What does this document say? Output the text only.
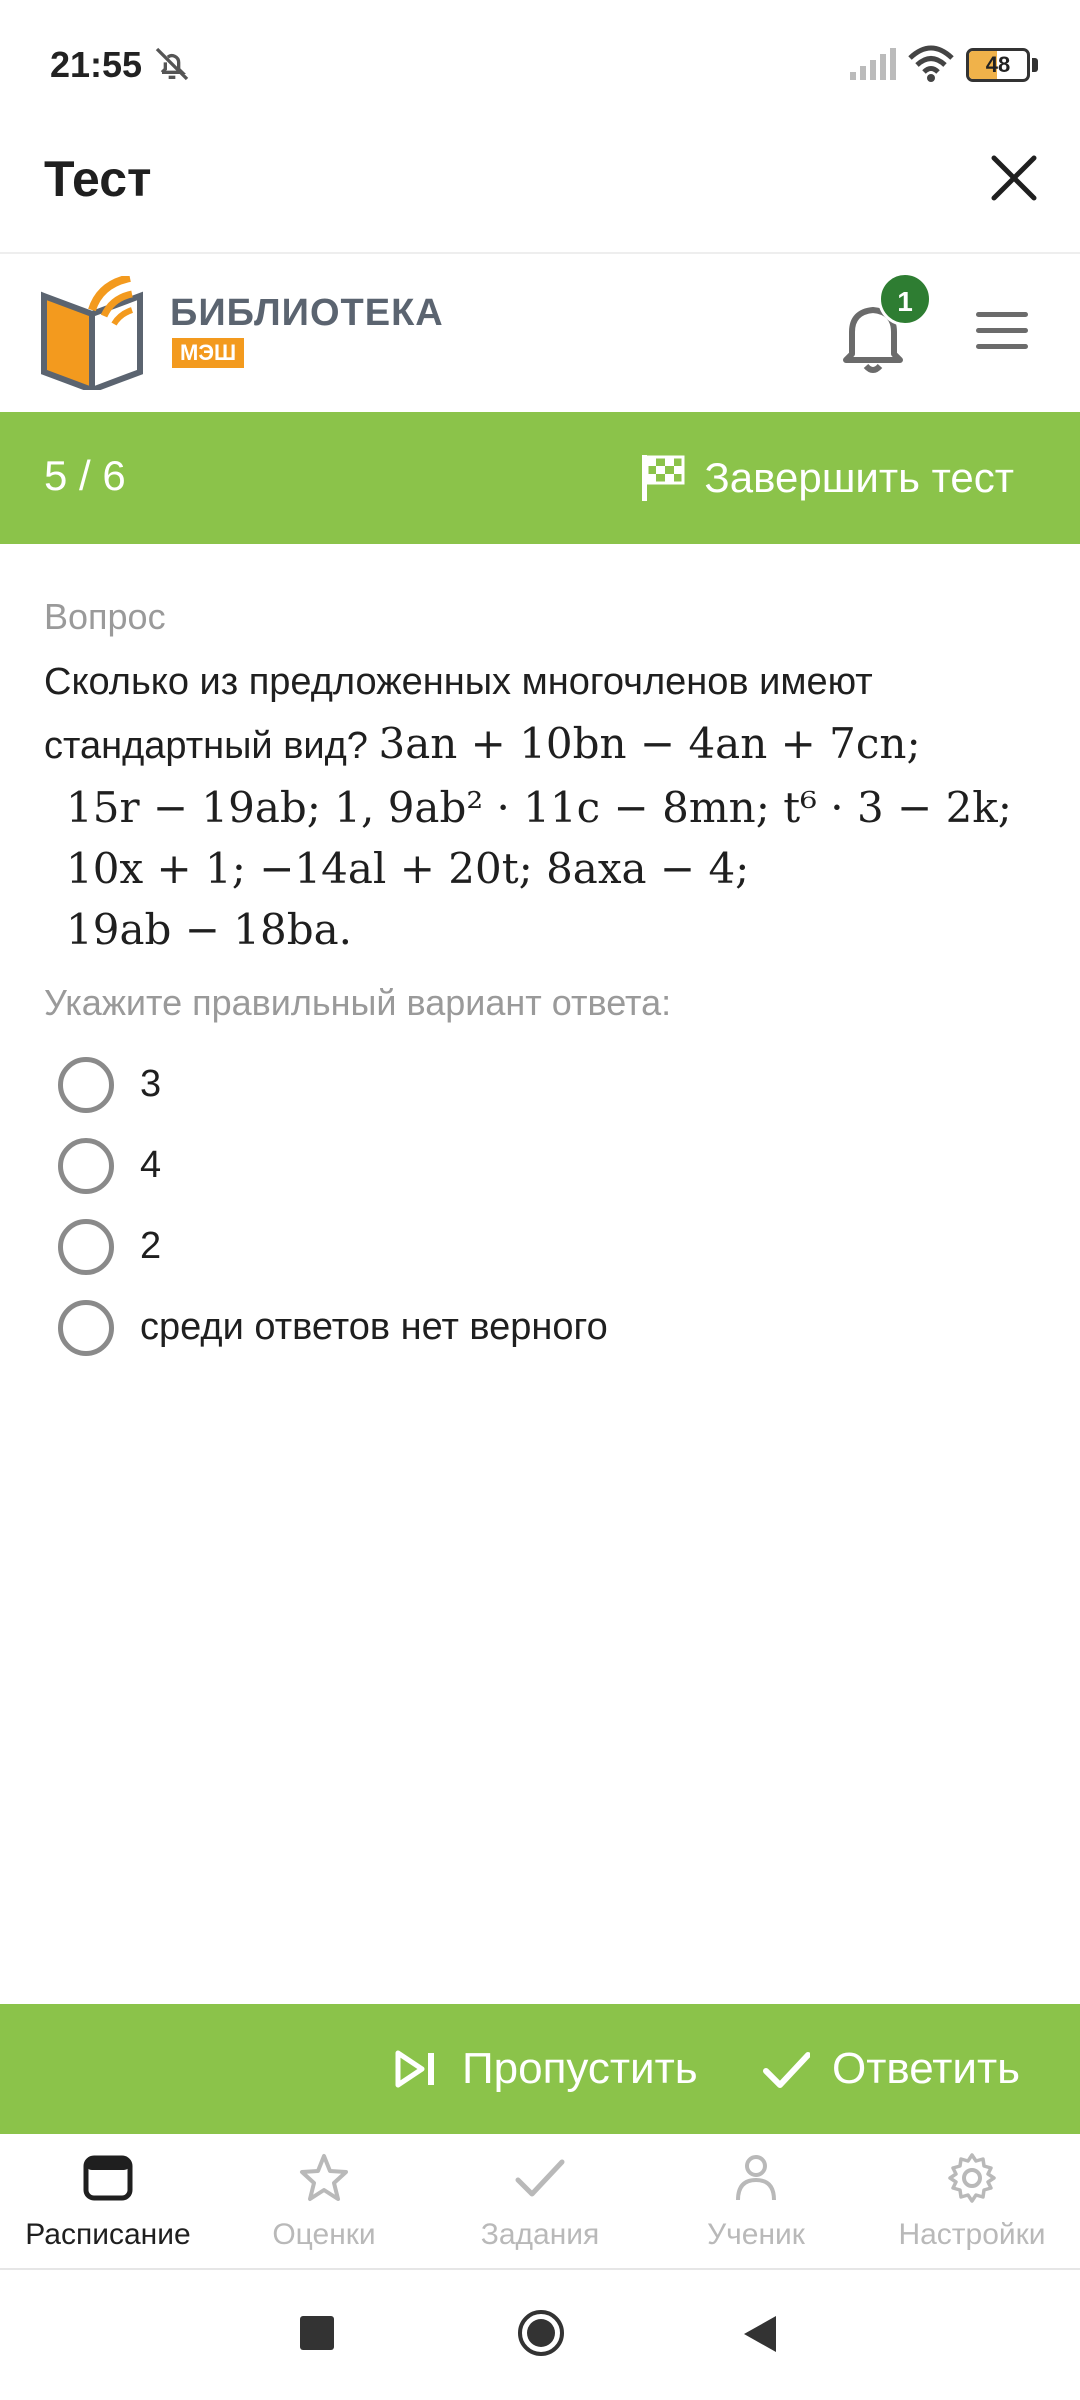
21:55	48
Тест
БИБЛИОТЕКА
МЭШ
1
5 / 6	Завершить тест
Вопрос
Сколько из предложенных многочленов имеют стандартный вид? 3an + 10bn − 4an + 7cn;
15r − 19ab; 1, 9ab² · 11c − 8mn; t⁶ · 3 − 2k;
10x + 1; −14al + 20t; 8axa − 4;
19ab − 18ba.
Укажите правильный вариант ответа:
3
4
2
среди ответов нет верного
Пропустить	Ответить
Расписание	Оценки	Задания	Ученик	Настройки
